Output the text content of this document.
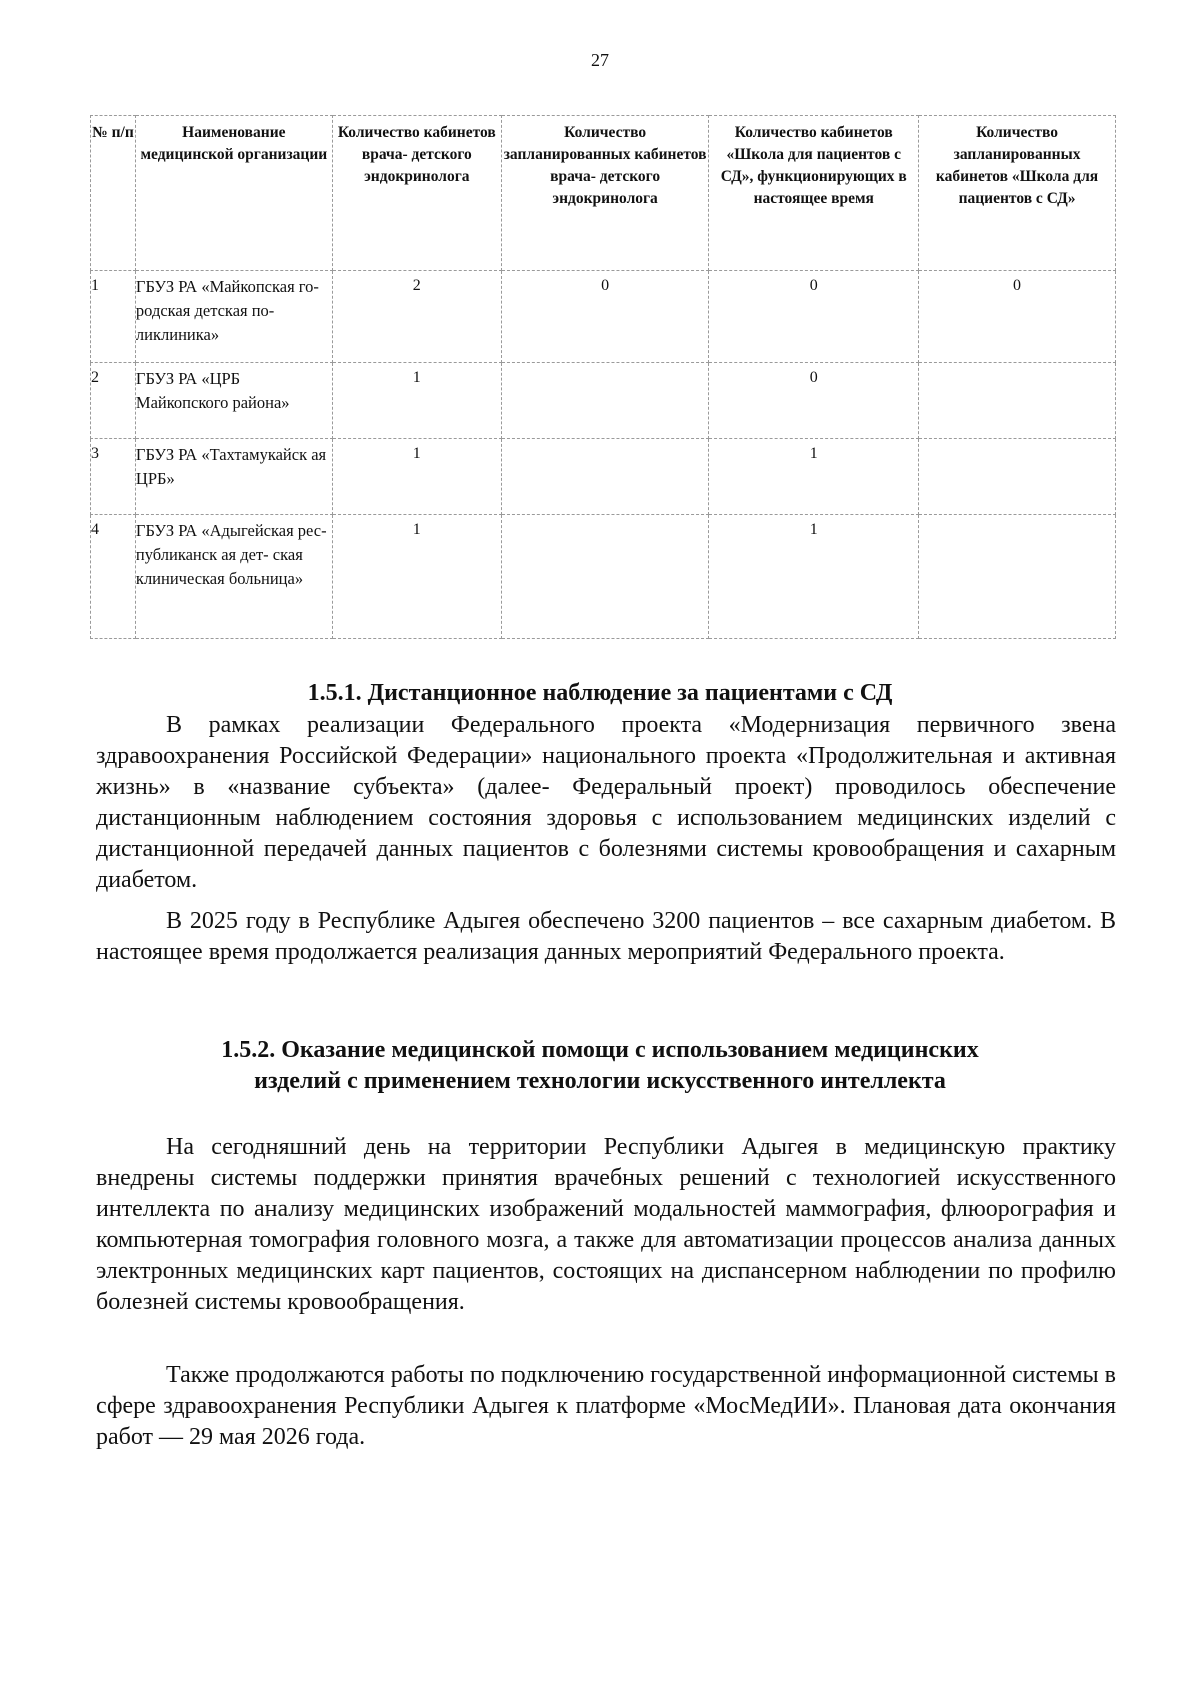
27
№ п/п	Наименование медицинской организации	Количество кабинетов врача- детского эндокринолога	Количество запланированных кабинетов врача- детского эндокринолога	Количество кабинетов «Школа для пациентов с СД», функционирующих в настоящее время	Количество запланированных кабинетов «Школа для пациентов с СД»
1	ГБУЗ РА «Майкопская го- родская детская по- ликлиника»	2	0	0	0
2	ГБУЗ РА «ЦРБ Майкопского района»	1		0	
3	ГБУЗ РА «Тахтамукайск ая ЦРБ»	1		1	
4	ГБУЗ РА «Адыгейская рес- публиканск ая дет- ская клиническая больница»	1		1	
1.5.1. Дистанционное наблюдение за пациентами с СД

В рамках реализации Федерального проекта «Модернизация первичного звена здравоохранения Российской Федерации» национального проекта «Продолжительная и активная жизнь» в «название субъекта» (далее- Федеральный проект) проводилось обеспечение дистанционным наблюдением состояния здоровья с использованием медицинских изделий с дистанционной передачей данных пациентов с болезнями системы кровообращения и сахарным диабетом.

В 2025 году в Республике Адыгея обеспечено 3200 пациентов – все сахарным диабетом. В настоящее время продолжается реализация данных мероприятий Федерального проекта.

1.5.2. Оказание медицинской помощи с использованием медицинских
изделий с применением технологии искусственного интеллекта

На сегодняшний день на территории Республики Адыгея в медицинскую практику внедрены системы поддержки принятия врачебных решений с технологией искусственного интеллекта по анализу медицинских изображений модальностей маммография, флюорография и компьютерная томография головного мозга, а также для автоматизации процессов анализа данных электронных медицинских карт пациентов, состоящих на диспансерном наблюдении по профилю болезней системы кровообращения.

Также продолжаются работы по подключению государственной информационной системы в сфере здравоохранения Республики Адыгея к платформе «МосМедИИ». Плановая дата окончания работ — 29 мая 2026 года.
